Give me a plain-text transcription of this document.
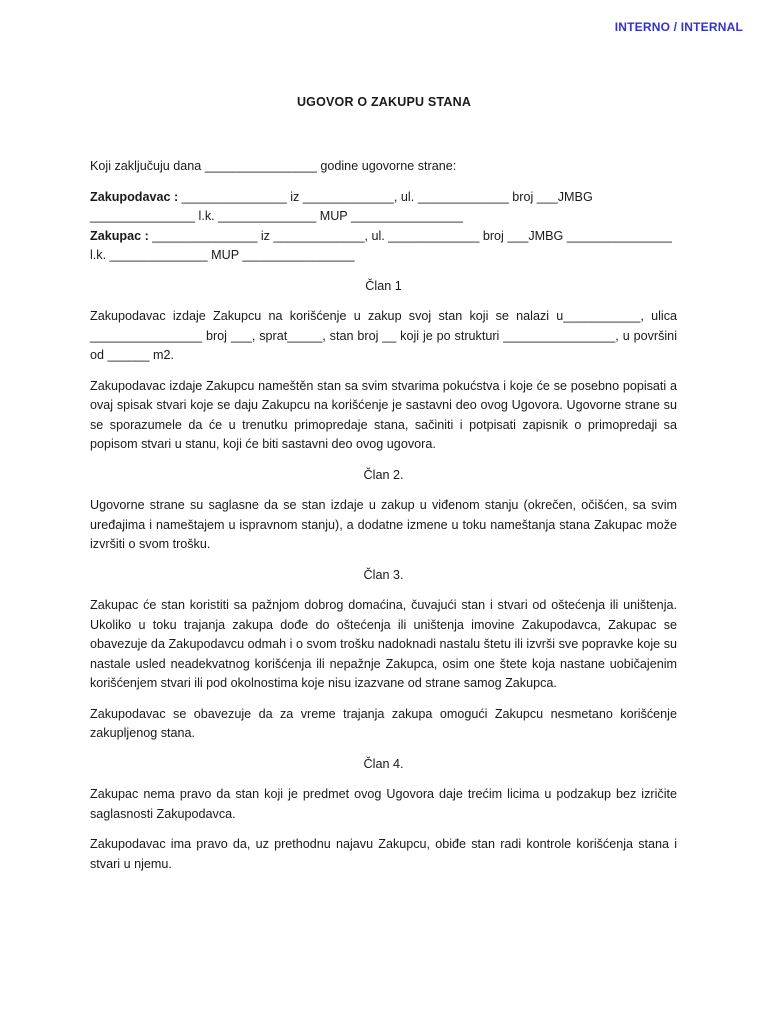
INTERNO / INTERNAL
UGOVOR O ZAKUPU STANA

Koji zaključuju dana ________________ godine ugovorne strane:

Zakupodavac : _______________ iz _____________, ul. _____________ broj ___JMBG
_______________ l.k. ______________ MUP ________________
Zakupac : _______________ iz _____________, ul. _____________ broj ___JMBG _______________
l.k. ______________ MUP ________________

Član 1

Zakupodavac izdaje Zakupcu na korišćenje u zakup svoj stan koji se nalazi u___________, ulica ________________ broj ___, sprat_____, stan broj __ koji je po strukturi ________________, u površini od ______ m2.

Zakupodavac izdaje Zakupcu nameštěn stan sa svim stvarima pokućstva i koje će se posebno popisati a ovaj spisak stvari koje se daju Zakupcu na korišćenje je sastavni deo ovog Ugovora. Ugovorne strane su se sporazumele da će u trenutku primopredaje stana, sačiniti i potpisati zapisnik o primopredaji sa popisom stvari u stanu, koji će biti sastavni deo ovog ugovora.

Član 2.

Ugovorne strane su saglasne da se stan izdaje u zakup u viđenom stanju (okrečen, očišćen, sa svim uređajima i nameštajem u ispravnom stanju), a dodatne izmene u toku nameštanja stana Zakupac može izvršiti o svom trošku.

Član 3.

Zakupac će stan koristiti sa pažnjom dobrog domaćina, čuvajući stan i stvari od oštećenja ili uništenja. Ukoliko u toku trajanja zakupa dođe do oštećenja ili uništenja imovine Zakupodavca, Zakupac se obavezuje da Zakupodavcu odmah i o svom trošku nadoknadi nastalu štetu ili izvrši sve popravke koje su nastale usled neadekvatnog korišćenja ili nepažnje Zakupca, osim one štete koja nastane uobičajenim korišćenjem stvari ili pod okolnostima koje nisu izazvane od strane samog Zakupca.

Zakupodavac se obavezuje da za vreme trajanja zakupa omogući Zakupcu nesmetano korišćenje zakupljenog stana.

Član 4.

Zakupac nema pravo da stan koji je predmet ovog Ugovora daje trećim licima u podzakup bez izričite saglasnosti Zakupodavca.

Zakupodavac ima pravo da, uz prethodnu najavu Zakupcu, obiđe stan radi kontrole korišćenja stana i stvari u njemu.
